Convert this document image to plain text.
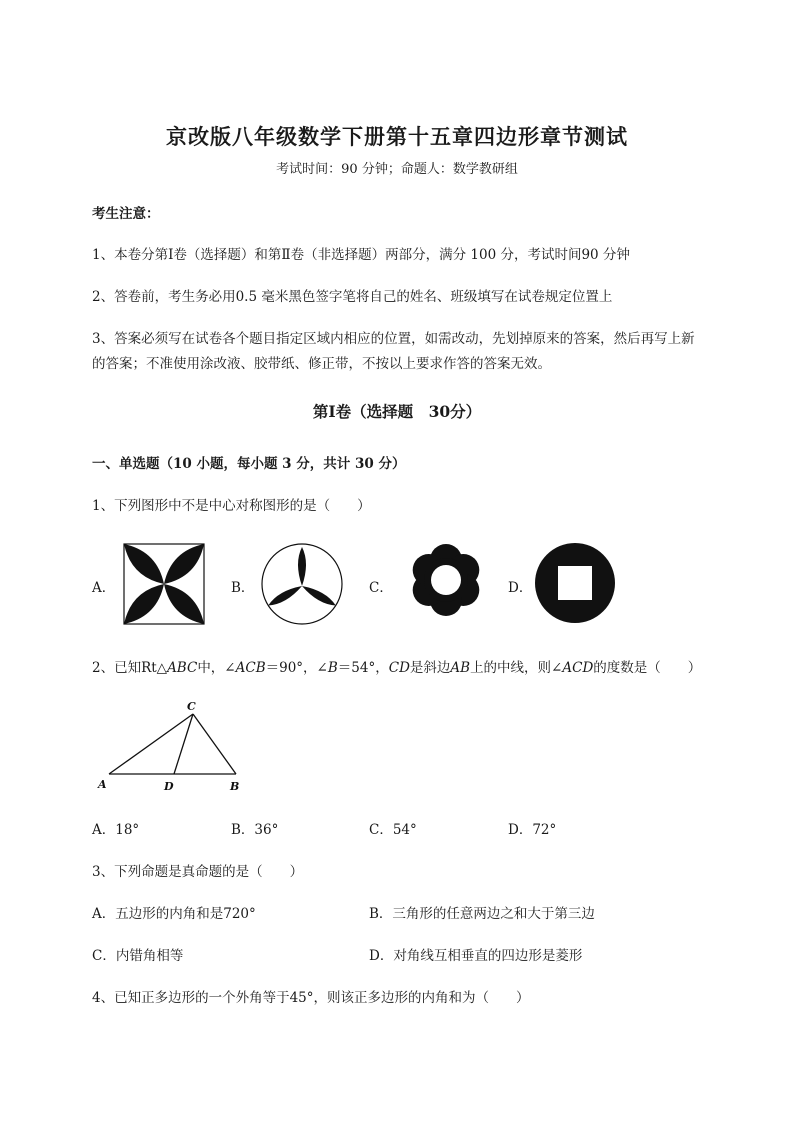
京改版八年级数学下册第十五章四边形章节测试
考试时间：90 分钟；命题人：数学教研组
考生注意：
1、本卷分第Ⅰ卷（选择题）和第Ⅱ卷（非选择题）两部分，满分 100 分，考试时间90 分钟
2、答卷前，考生务必用0.5 毫米黑色签字笔将自己的姓名、班级填写在试卷规定位置上
3、答案必须写在试卷各个题目指定区域内相应的位置，如需改动，先划掉原来的答案，然后再写上新
的答案；不准使用涂改液、胶带纸、修正带，不按以上要求作答的答案无效。
第Ⅰ卷（选择题　30分）
一、单选题（10 小题，每小题 3 分，共计 30 分）
1、下列图形中不是中心对称图形的是（　　）
A．	B．	C．	D．
2、已知Rt△ABC中，∠ACB＝90°，∠B＝54°，CD是斜边AB上的中线，则∠ACD的度数是（　　）
C
A	D	B
A．18°	B．36°	C．54°	D．72°
3、下列命题是真命题的是（　　）
A．五边形的内角和是720°	B．三角形的任意两边之和大于第三边
C．内错角相等	D．对角线互相垂直的四边形是菱形
4、已知正多边形的一个外角等于45°，则该正多边形的内角和为（　　）
